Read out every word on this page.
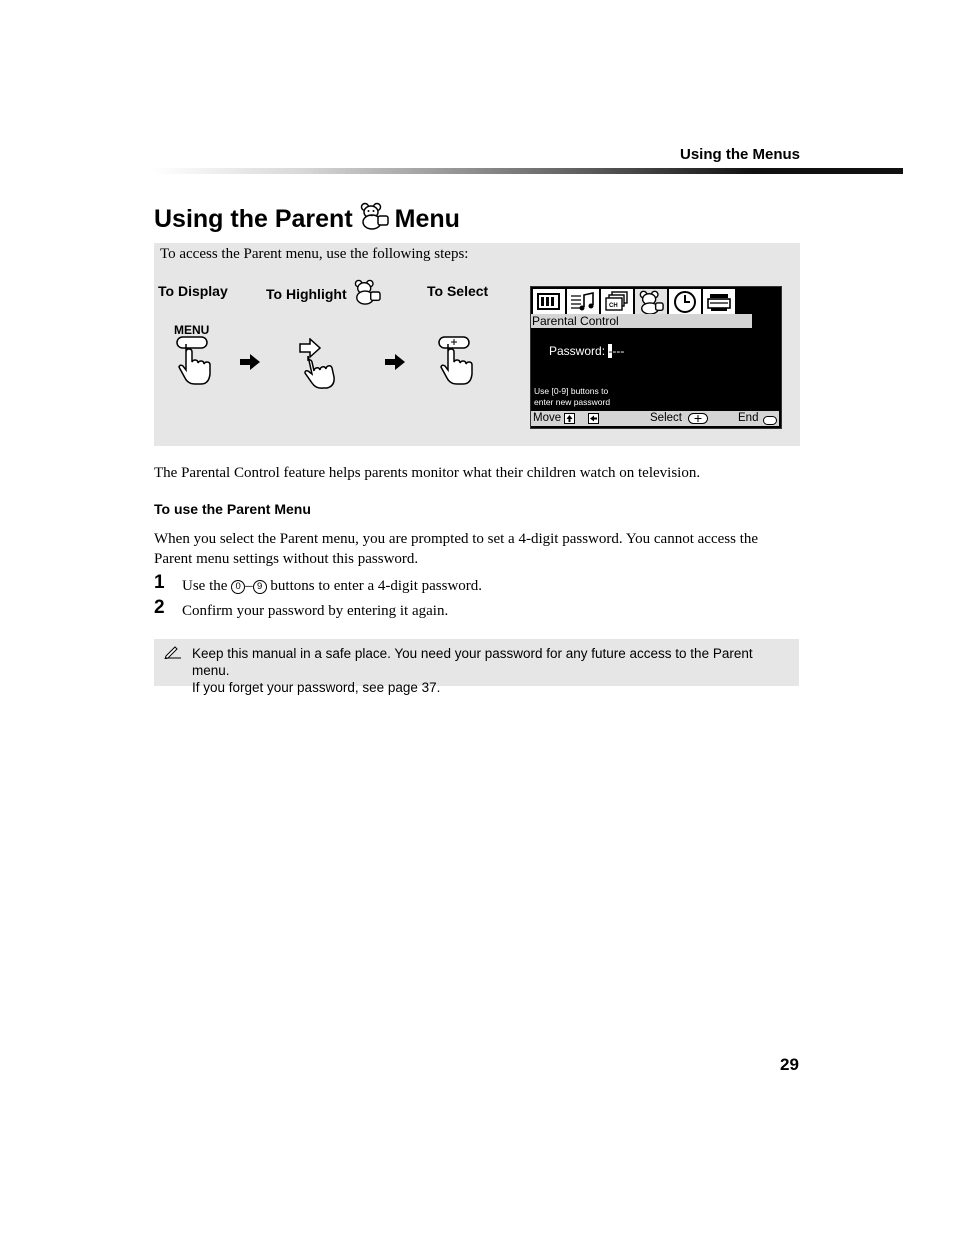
Using the Menus
Using the Parent Menu
To access the Parent menu, use the following steps:
To Display	To Highlight	To Select
MENU
CH
Parental Control
Password: ----
Use [0-9] buttons to
enter new password
Move	Select	End
MENU
The Parental Control feature helps parents monitor what their children watch on television.
To use the Parent Menu
When you select the Parent menu, you are prompted to set a 4-digit password. You cannot access the Parent menu settings without this password.
1 Use the 0 – 9 buttons to enter a 4-digit password.
2 Confirm your password by entering it again.
Keep this manual in a safe place. You need your password for any future access to the Parent menu.
If you forget your password, see page 37.
29
